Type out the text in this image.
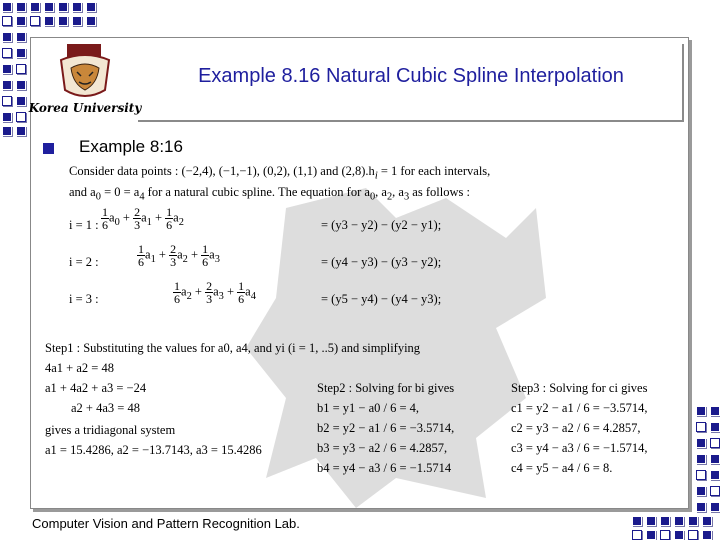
Korea University
Example 8.16 Natural Cubic Spline Interpolation
Example 8:16
Consider data points : (−2,4), (−1,−1), (0,2), (1,1) and $(2,8).h_i = 1$ for each intervals,
and $a_0 = 0 = a_4$ for a natural cubic spline. The equation for $a_0$, $a_2$, $a_3$ as follows :
i = 1 : $\frac{1}{6} a_0 + \frac{2}{3} a_1 + \frac{1}{6} a_2$	= (y3 − y2) − (y2 − y1);
i = 2 :	$\frac{1}{6} a_1 + \frac{2}{3} a_2 + \frac{1}{6} a_3$	= (y4 − y3) − (y3 − y2);
i = 3 :	$\frac{1}{6} a_2 + \frac{2}{3} a_3 + \frac{1}{6} a_4$	= (y5 − y4) − (y4 − y3);
Step1 : Substituting the values for a0, a4, and yi (i = 1, ..5) and simplifying
4a1 + a2 = 48
a1 + 4a2 + a3 = −24
a2 + 4a3 = 48
gives a tridiagonal system
a1 = 15.4286, a2 = −13.7143, a3 = 15.4286
Step2 : Solving for bi gives
b1 = y1 − a0 / 6 = 4,
b2 = y2 − a1 / 6 = −3.5714,
b3 = y3 − a2 / 6 = 4.2857,
b4 = y4 − a3 / 6 = −1.5714
Step3 : Solving for ci gives
c1 = y2 − a1 / 6 = −3.5714,
c2 = y3 − a2 / 6 = 4.2857,
c3 = y4 − a3 / 6 = −1.5714,
c4 = y5 − a4 / 6 = 8.
Computer Vision and Pattern Recognition Lab.
